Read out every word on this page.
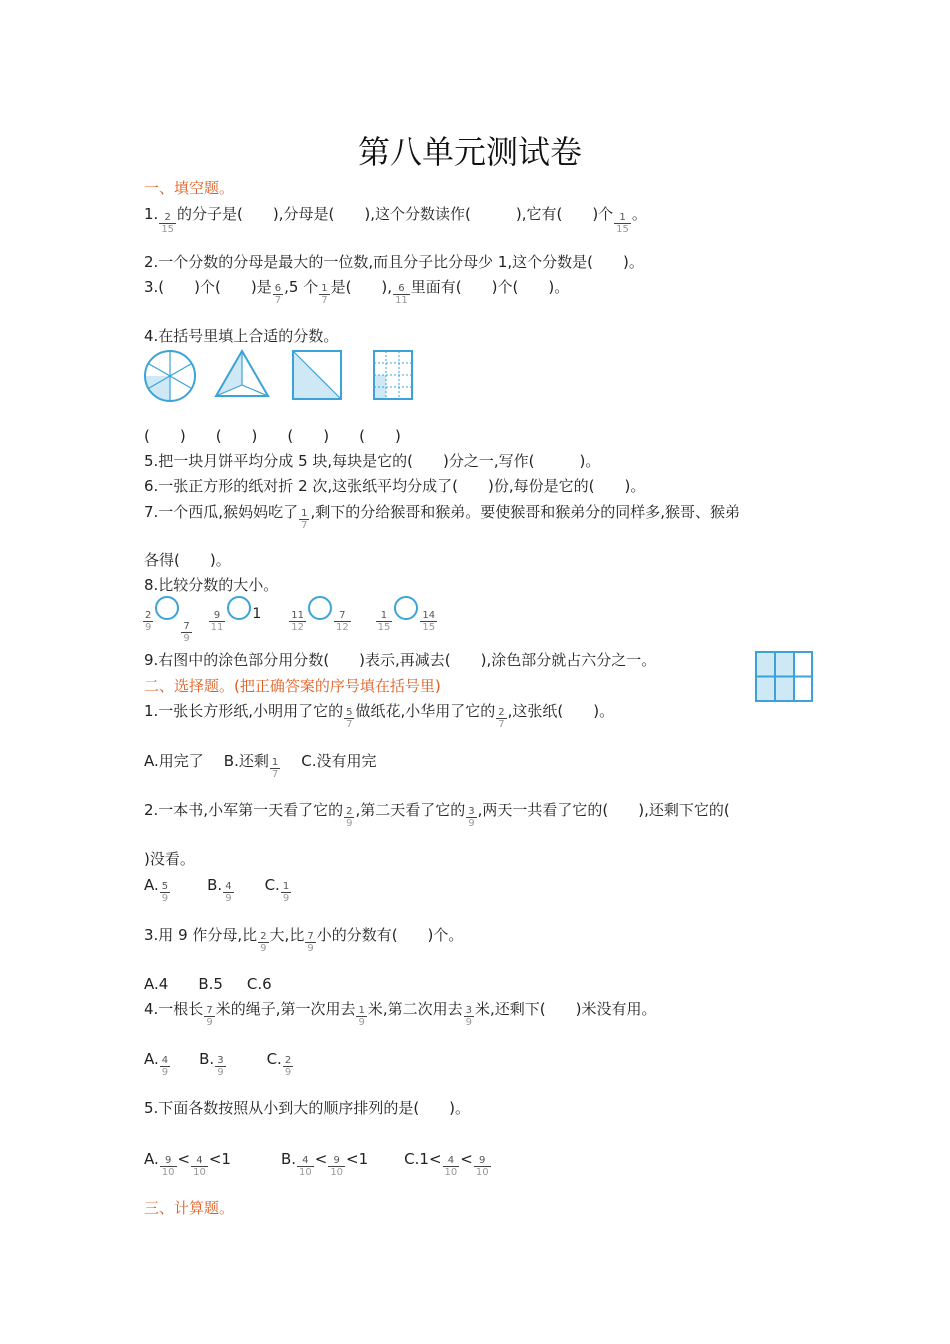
第八单元测试卷
一、填空题。
1. $\frac{2}{15}$ 的分子是(　　),分母是(　　),这个分数读作(　　　),它有(　　)个 $\frac{1}{15}$ 。
2.一个分数的分母是最大的一位数,而且分子比分母少 1,这个分数是(　　)。
3.(　　)个(　　)是 $\frac{6}{7} ,5$ 个 $\frac{1}{7}$ 是(　　), $\frac{6}{11}$ 里面有(　　)个(　　)。
4.在括号里填上合适的分数。
(　　)　　(　　)　　(　　)　　(　　)
5.把一块月饼平均分成 5 块,每块是它的(　　)分之一,写作(　　　)。
6.一张正方形的纸对折 2 次,这张纸平均分成了(　　)份,每份是它的(　　)。
7.一个西瓜,猴妈妈吃了 $\frac{1}{7}$ ,剩下的分给猴哥和猴弟。要使猴哥和猴弟分的同样多,猴哥、猴弟
各得(　　)。
8.比较分数的大小。
$\frac{2}{9}$	$\frac{7}{9}$
$\frac{9}{11} 1$	$\frac{11}{12}$	$\frac{7}{12}$
$\frac{1}{15}$	$\frac{14}{15}$
9.右图中的涂色部分用分数(　　)表示,再减去(　　),涂色部分就占六分之一。
二、选择题。(把正确答案的序号填在括号里)
1.一张长方形纸,小明用了它的 $\frac{5}{7}$ 做纸花,小华用了它的 $\frac{2}{7}$ ,这张纸(　　)。
A.用完了 B.还剩 $\frac{1}{7} C$.没有用完
2.一本书,小军第一天看了它的 $\frac{2}{9}$ ,第二天看了它的 $\frac{3}{9}$ ,两天一共看了它的(　　),还剩下它的(
)没看。
A. $\frac{5}{9} B$. $\frac{4}{9} C$. $\frac{1}{9}$
3.用 9 作分母,比 $\frac{2}{9}$ 大,比 $\frac{7}{9}$ 小的分数有(　　)个。
A.4 B.5 C.6
4.一根长 $\frac{7}{9}$ 米的绳子,第一次用去 $\frac{1}{9}$ 米,第二次用去 $\frac{3}{9}$ 米,还剩下(　　)米没有用。
A. $\frac{4}{9} B$. $\frac{3}{9}$	C. $\frac{2}{9}$
5.下面各数按照从小到大的顺序排列的是(　　)。
A. $\frac{9}{10} < \frac{4}{10} <1$	B. $\frac{4}{10} < \frac{9}{10} <1$ $C.1< \frac{4}{10} < \frac{9}{10}$
三、计算题。
